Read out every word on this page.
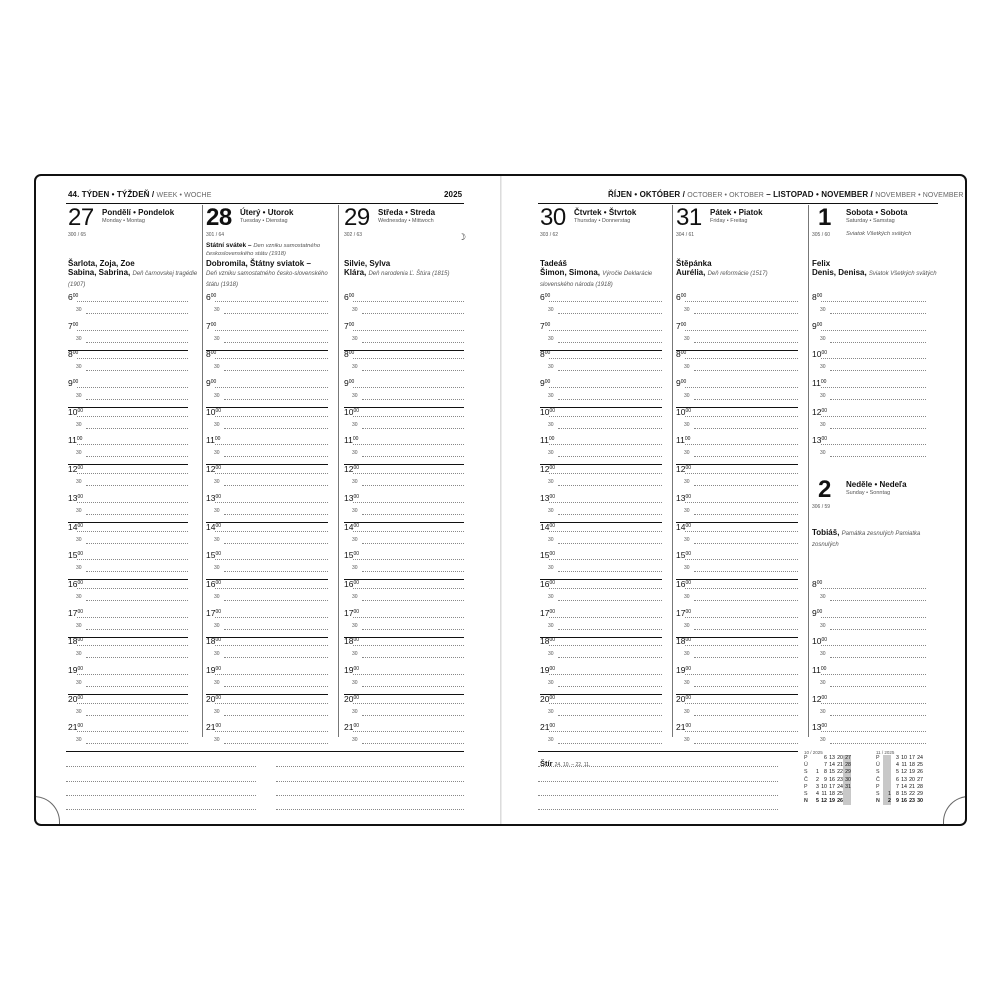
44. TÝDEN • TÝŽDEŇ / WEEK • WOCHE	2025
27 Pondělí • Pondelok
Monday • Montag
300 / 65
Šarlota, Zoja, Zoe
Sabina, Sabrina, Deň čarnovskej tragédie (1907)
28 Úterý • Utorok
Tuesday • Dienstag
301 / 64
Státní svátek – Den vzniku samostatného československého státu (1918)
Dobromila, Štátny sviatok –
Deň vzniku samostatného česko-slovenského štátu (1918)
29 Středa • Streda
Wednesday • Mittwoch
302 / 63	☽
Silvie, Sylva
Klára, Deň narodenia Ľ. Štúra (1815)
$6^{00}$
30
$7^{00}$
30
$8^{00}$
30
$9^{00}$
30
$10^{00}$
30
$11^{00}$
30
$12^{00}$
30
$13^{00}$
30
$14^{00}$
30
$15^{00}$
30
$16^{00}$
30
$17^{00}$
30
$18^{00}$
30
$19^{00}$
30
$20^{00}$
30
$21^{00}$
30
$6^{00}$
30
$7^{00}$
30
$8^{00}$
30
$9^{00}$
30
$10^{00}$
30
$11^{00}$
30
$12^{00}$
30
$13^{00}$
30
$14^{00}$
30
$15^{00}$
30
$16^{00}$
30
$17^{00}$
30
$18^{00}$
30
$19^{00}$
30
$20^{00}$
30
$21^{00}$
30
$6^{00}$
30
$7^{00}$
30
$8^{00}$
30
$9^{00}$
30
$10^{00}$
30
$11^{00}$
30
$12^{00}$
30
$13^{00}$
30
$14^{00}$
30
$15^{00}$
30
$16^{00}$
30
$17^{00}$
30
$18^{00}$
30
$19^{00}$
30
$20^{00}$
30
$21^{00}$
30
ŘÍJEN • OKTÓBER / OCTOBER • OKTOBER – LISTOPAD • NOVEMBER / NOVEMBER • NOVEMBER
30 Čtvrtek • Štvrtok
Thursday • Donnerstag
303 / 62
Tadeáš
Šimon, Simona, Výročie Deklarácie slovenského národa (1918)
31 Pátek • Piatok
Friday • Freitag
304 / 61
Štěpánka
Aurélia, Deň reformácie (1517)
1 Sobota • Sobota
Saturday • Samstag
305 / 60	Sviatok Všetkých svätých
Felix
Denis, Denisa, Sviatok Všetkých svätých
$6^{00}$
30
$7^{00}$
30
$8^{00}$
30
$9^{00}$
30
$10^{00}$
30
$11^{00}$
30
$12^{00}$
30
$13^{00}$
30
$14^{00}$
30
$15^{00}$
30
$16^{00}$
30
$17^{00}$
30
$18^{00}$
30
$19^{00}$
30
$20^{00}$
30
$21^{00}$
30
$6^{00}$
30
$7^{00}$
30
$8^{00}$
30
$9^{00}$
30
$10^{00}$
30
$11^{00}$
30
$12^{00}$
30
$13^{00}$
30
$14^{00}$
30
$15^{00}$
30
$16^{00}$
30
$17^{00}$
30
$18^{00}$
30
$19^{00}$
30
$20^{00}$
30
$21^{00}$
30
$8^{00}$
30
$9^{00}$
30
$10^{00}$
30
$11^{00}$
30
$12^{00}$
30
$13^{00}$
30
2 Neděle • Nedeľa
Sunday • Sonntag
306 / 59
Tobiáš, Památka zesnulých Pamiatka zosnulých
$8^{00}$
30
$9^{00}$
30
$10^{00}$
30
$11^{00}$
30
$12^{00}$
30
$13^{00}$
30
Štír 24. 10. – 22. 11.
10 / 2025
P	6 13 20 27
Ú	7 14 21 28
S	1 8 15 22 29
Č	2 9 16 23 30
P	3 10 17 24 31
S	4 11 18 25
N	5 12 19 26
11 / 2025
P	3 10 17 24
Ú	4 11 18 25
S	5 12 19 26
Č	6 13 20 27
P	7 14 21 28
S	1 8 15 22 29
N	2 9 16 23 30
